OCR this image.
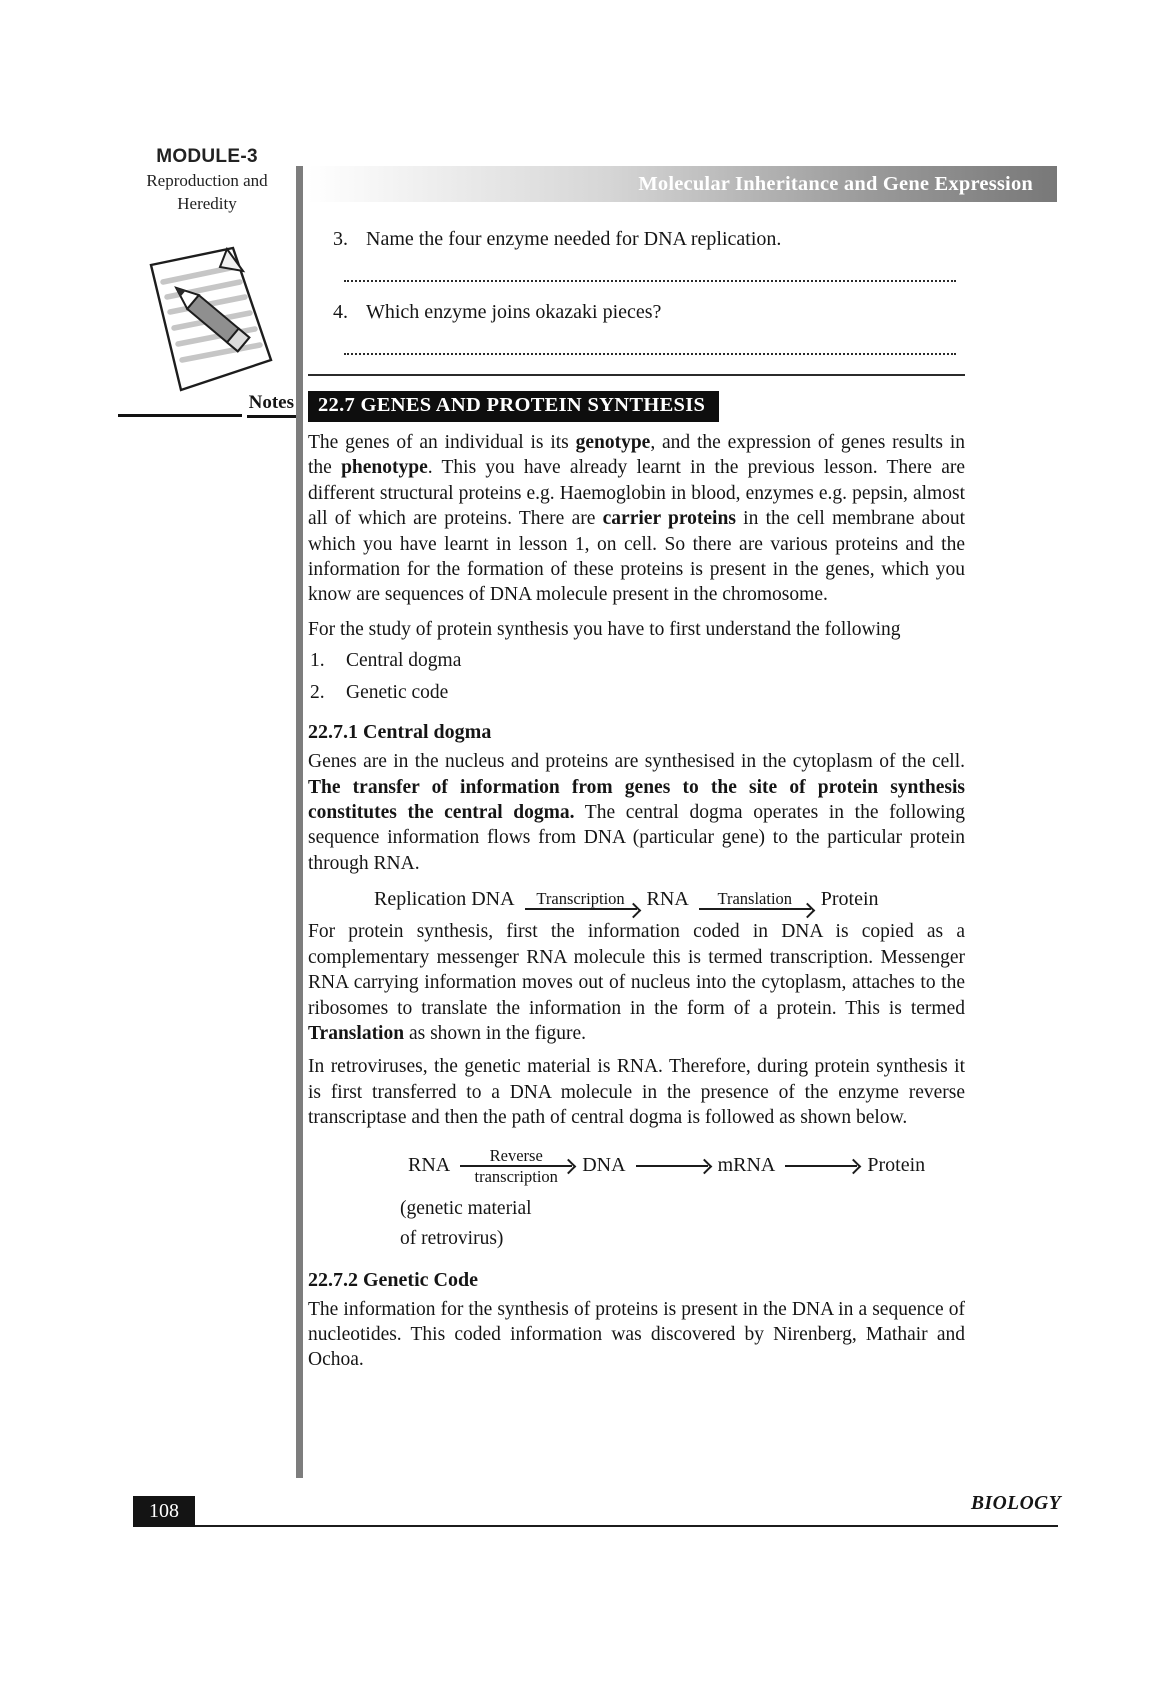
MODULE-3
Reproduction and
Heredity
Notes
Molecular Inheritance and Gene Expression
3. Name the four enzyme needed for DNA replication.
4. Which enzyme joins okazaki pieces?
22.7 GENES AND PROTEIN SYNTHESIS

The genes of an individual is its genotype, and the expression of genes results in the phenotype. This you have already learnt in the previous lesson. There are different structural proteins e.g. Haemoglobin in blood, enzymes e.g. pepsin, almost all of which are proteins. There are carrier proteins in the cell membrane about which you have learnt in lesson 1, on cell. So there are various proteins and the information for the formation of these proteins is present in the genes, which you know are sequences of DNA molecule present in the chromosome.

For the study of protein synthesis you have to first understand the following

1.	Central dogma
2.	Genetic code
22.7.1 Central dogma

Genes are in the nucleus and proteins are synthesised in the cytoplasm of the cell. The transfer of information from genes to the site of protein synthesis constitutes the central dogma. The central dogma operates in the following sequence information flows from DNA (particular gene) to the particular protein through RNA.

Replication DNA Transcription RNA Translation Protein

For protein synthesis, first the information coded in DNA is copied as a complementary messenger RNA molecule this is termed transcription. Messenger RNA carrying information moves out of nucleus into the cytoplasm, attaches to the ribosomes to translate the information in the form of a protein. This is termed Translation as shown in the figure.

In retroviruses, the genetic material is RNA. Therefore, during protein synthesis it is first transferred to a DNA molecule in the presence of the enzyme reverse transcriptase and then the path of central dogma is followed as shown below.

RNA Reverse
transcription DNA	mRNA	Protein
(genetic material
of retrovirus)
22.7.2 Genetic Code

The information for the synthesis of proteins is present in the DNA in a sequence of nucleotides. This coded information was discovered by Nirenberg, Mathair and Ochoa.

108	BIOLOGY
